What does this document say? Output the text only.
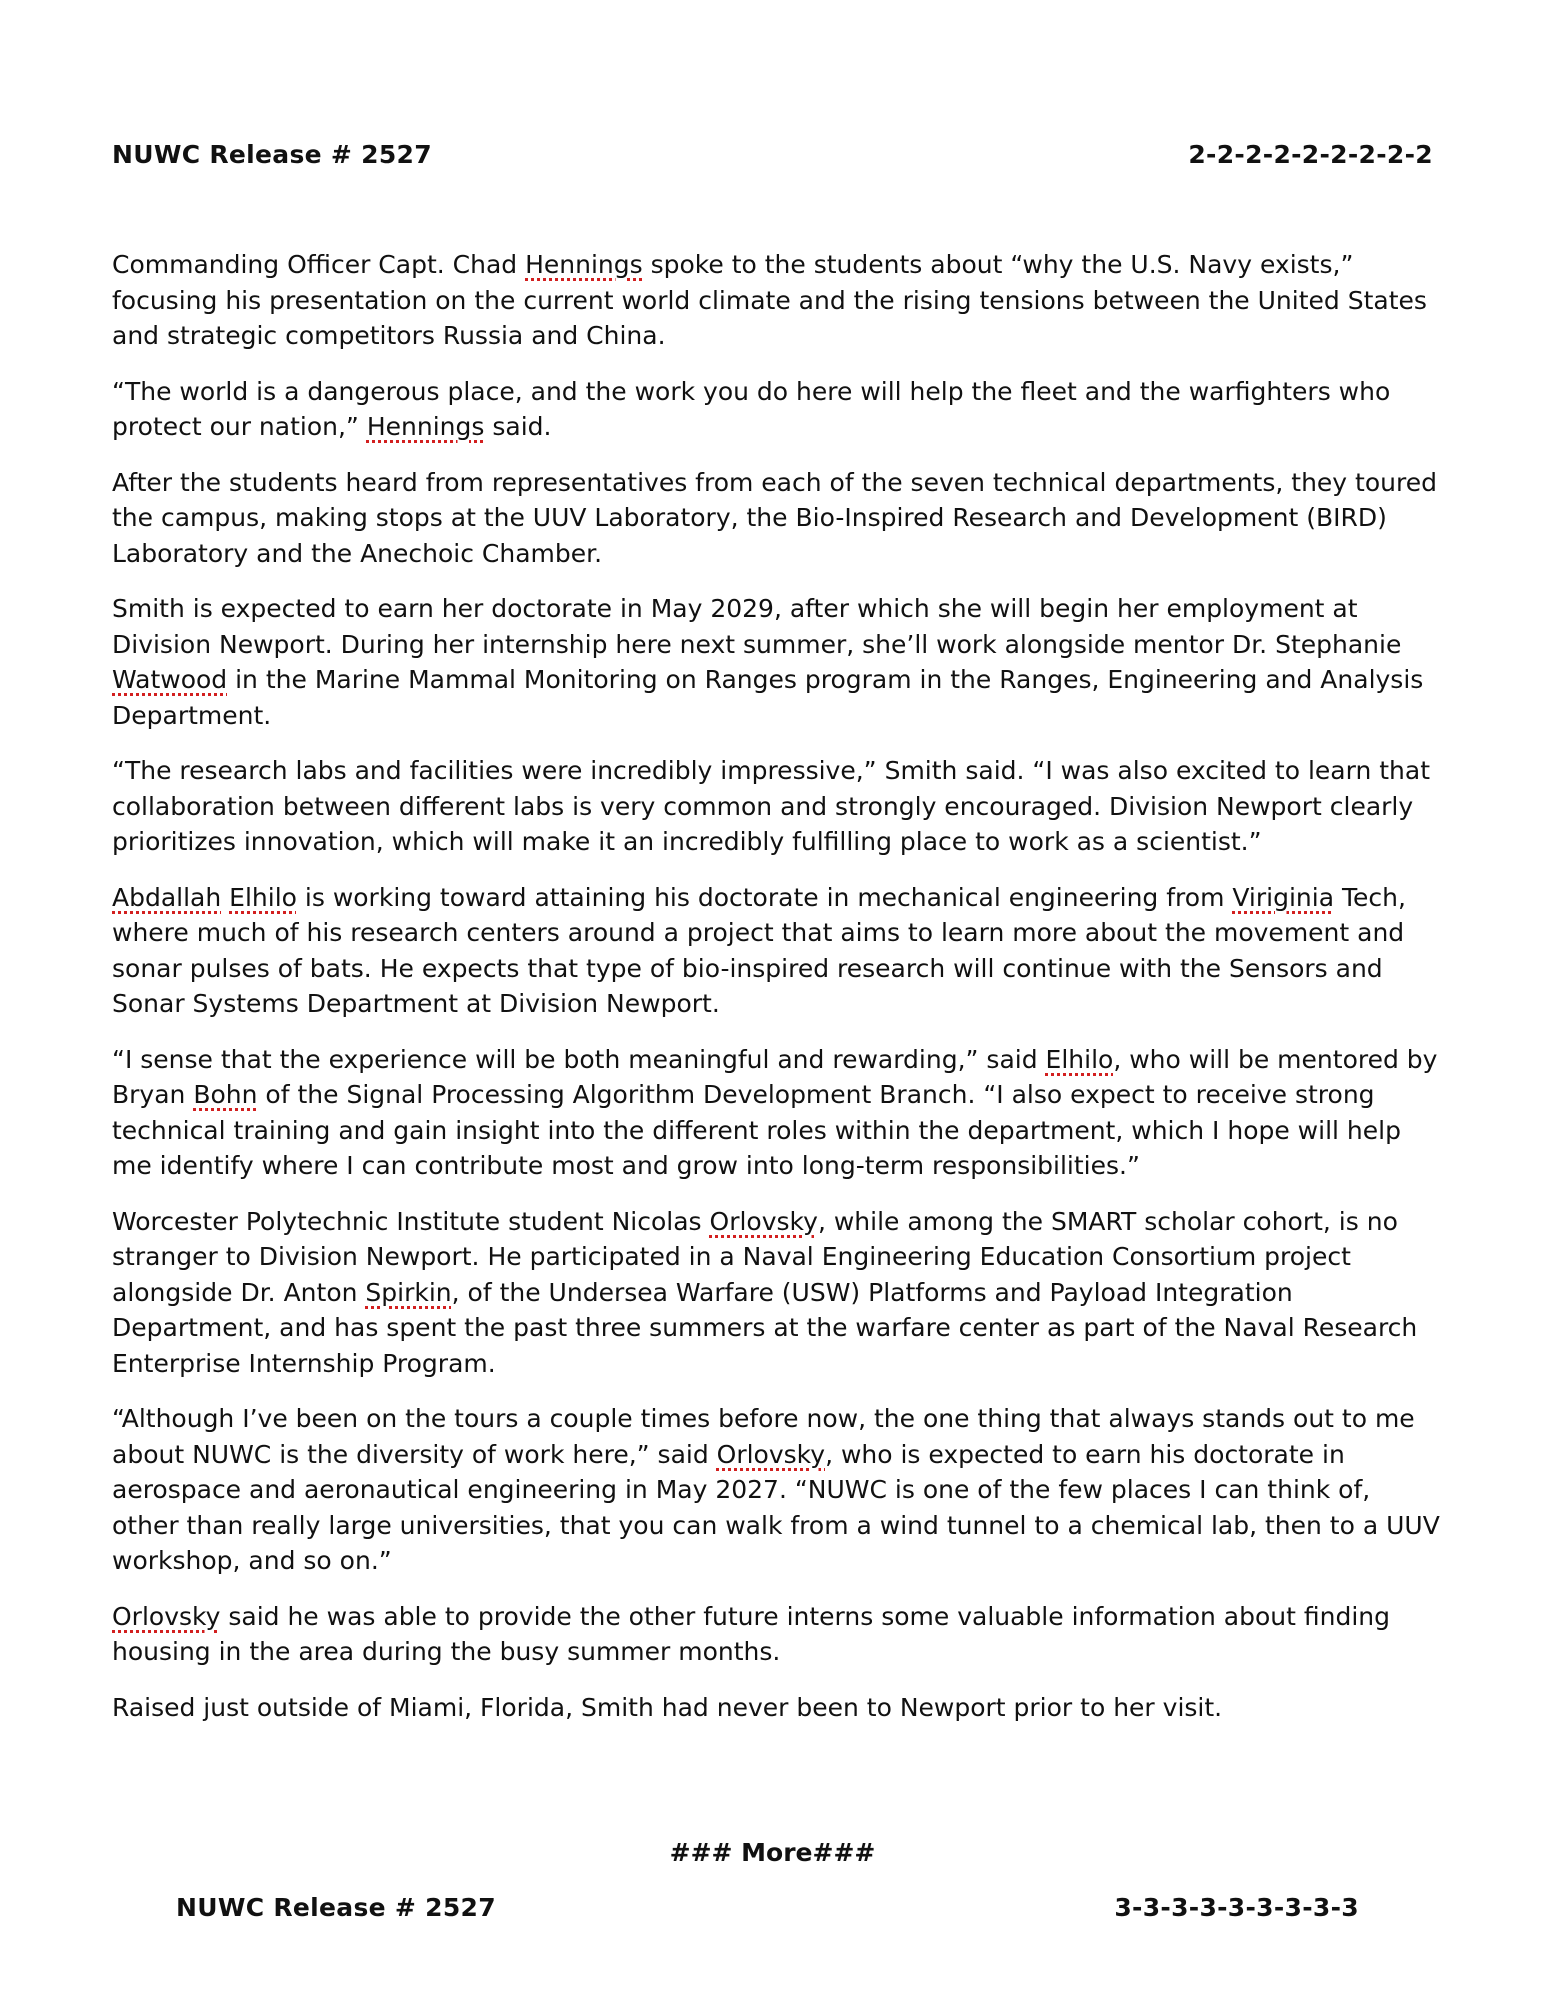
NUWC Release # 2527	2-2-2-2-2-2-2-2-2

Commanding Officer Capt. Chad Hennings spoke to the students about “why the U.S. Navy exists,” focusing his presentation on the current world climate and the rising tensions between the United States and strategic competitors Russia and China.

“The world is a dangerous place, and the work you do here will help the fleet and the warfighters who protect our nation,” Hennings said.

After the students heard from representatives from each of the seven technical departments, they toured the campus, making stops at the UUV Laboratory, the Bio-Inspired Research and Development (BIRD) Laboratory and the Anechoic Chamber.

Smith is expected to earn her doctorate in May 2029, after which she will begin her employment at Division Newport. During her internship here next summer, she’ll work alongside mentor Dr. Stephanie Watwood in the Marine Mammal Monitoring on Ranges program in the Ranges, Engineering and Analysis Department.

“The research labs and facilities were incredibly impressive,” Smith said. “I was also excited to learn that collaboration between different labs is very common and strongly encouraged. Division Newport clearly prioritizes innovation, which will make it an incredibly fulfilling place to work as a scientist.”

Abdallah Elhilo is working toward attaining his doctorate in mechanical engineering from Viriginia Tech, where much of his research centers around a project that aims to learn more about the movement and sonar pulses of bats. He expects that type of bio-inspired research will continue with the Sensors and Sonar Systems Department at Division Newport.

“I sense that the experience will be both meaningful and rewarding,” said Elhilo, who will be mentored by Bryan Bohn of the Signal Processing Algorithm Development Branch. “I also expect to receive strong technical training and gain insight into the different roles within the department, which I hope will help me identify where I can contribute most and grow into long-term responsibilities.”

Worcester Polytechnic Institute student Nicolas Orlovsky, while among the SMART scholar cohort, is no stranger to Division Newport. He participated in a Naval Engineering Education Consortium project alongside Dr. Anton Spirkin, of the Undersea Warfare (USW) Platforms and Payload Integration Department, and has spent the past three summers at the warfare center as part of the Naval Research Enterprise Internship Program.

“Although I’ve been on the tours a couple times before now, the one thing that always stands out to me about NUWC is the diversity of work here,” said Orlovsky, who is expected to earn his doctorate in aerospace and aeronautical engineering in May 2027. “NUWC is one of the few places I can think of, other than really large universities, that you can walk from a wind tunnel to a chemical lab, then to a UUV workshop, and so on.”

Orlovsky said he was able to provide the other future interns some valuable information about finding housing in the area during the busy summer months.

Raised just outside of Miami, Florida, Smith had never been to Newport prior to her visit.

### More###
NUWC Release # 2527	3-3-3-3-3-3-3-3-3
